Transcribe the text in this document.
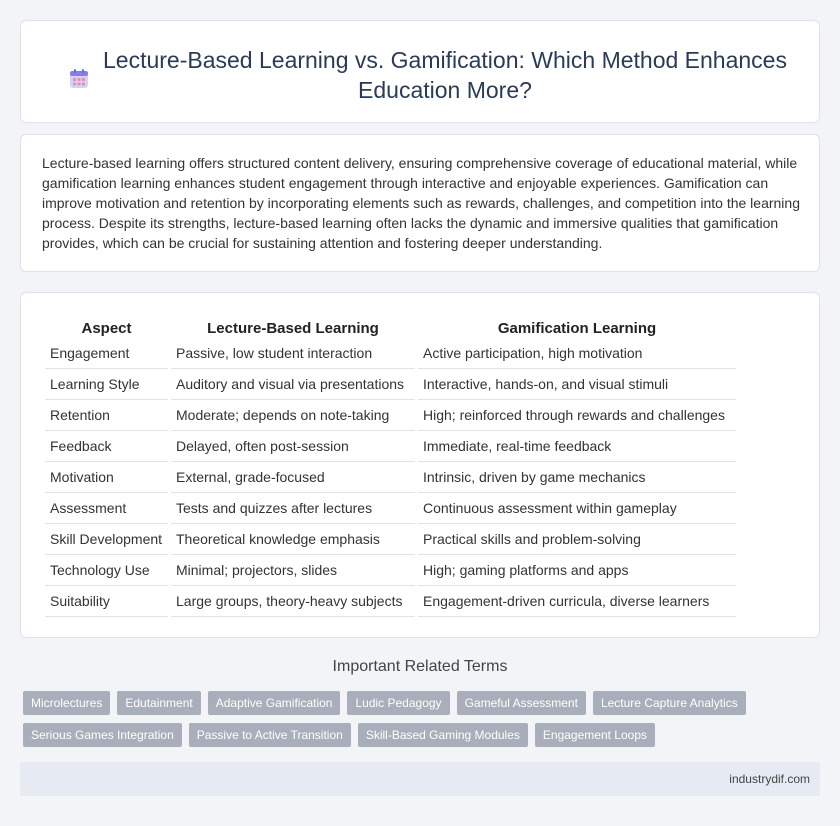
Lecture-Based Learning vs. Gamification: Which Method Enhances Education More?

Lecture-based learning offers structured content delivery, ensuring comprehensive coverage of educational material, while gamification learning enhances student engagement through interactive and enjoyable experiences. Gamification can improve motivation and retention by incorporating elements such as rewards, challenges, and competition into the learning process. Despite its strengths, lecture-based learning often lacks the dynamic and immersive qualities that gamification provides, which can be crucial for sustaining attention and fostering deeper understanding.

Aspect	Lecture-Based Learning	Gamification Learning
Engagement	Passive, low student interaction	Active participation, high motivation
Learning Style	Auditory and visual via presentations	Interactive, hands-on, and visual stimuli
Retention	Moderate; depends on note-taking	High; reinforced through rewards and challenges
Feedback	Delayed, often post-session	Immediate, real-time feedback
Motivation	External, grade-focused	Intrinsic, driven by game mechanics
Assessment	Tests and quizzes after lectures	Continuous assessment within gameplay
Skill Development	Theoretical knowledge emphasis	Practical skills and problem-solving
Technology Use	Minimal; projectors, slides	High; gaming platforms and apps
Suitability	Large groups, theory-heavy subjects	Engagement-driven curricula, diverse learners
Important Related Terms
Microlectures	Edutainment	Adaptive Gamification	Ludic Pedagogy	Gameful Assessment	Lecture Capture Analytics
Serious Games Integration	Passive to Active Transition	Skill-Based Gaming Modules	Engagement Loops
industrydif.com
